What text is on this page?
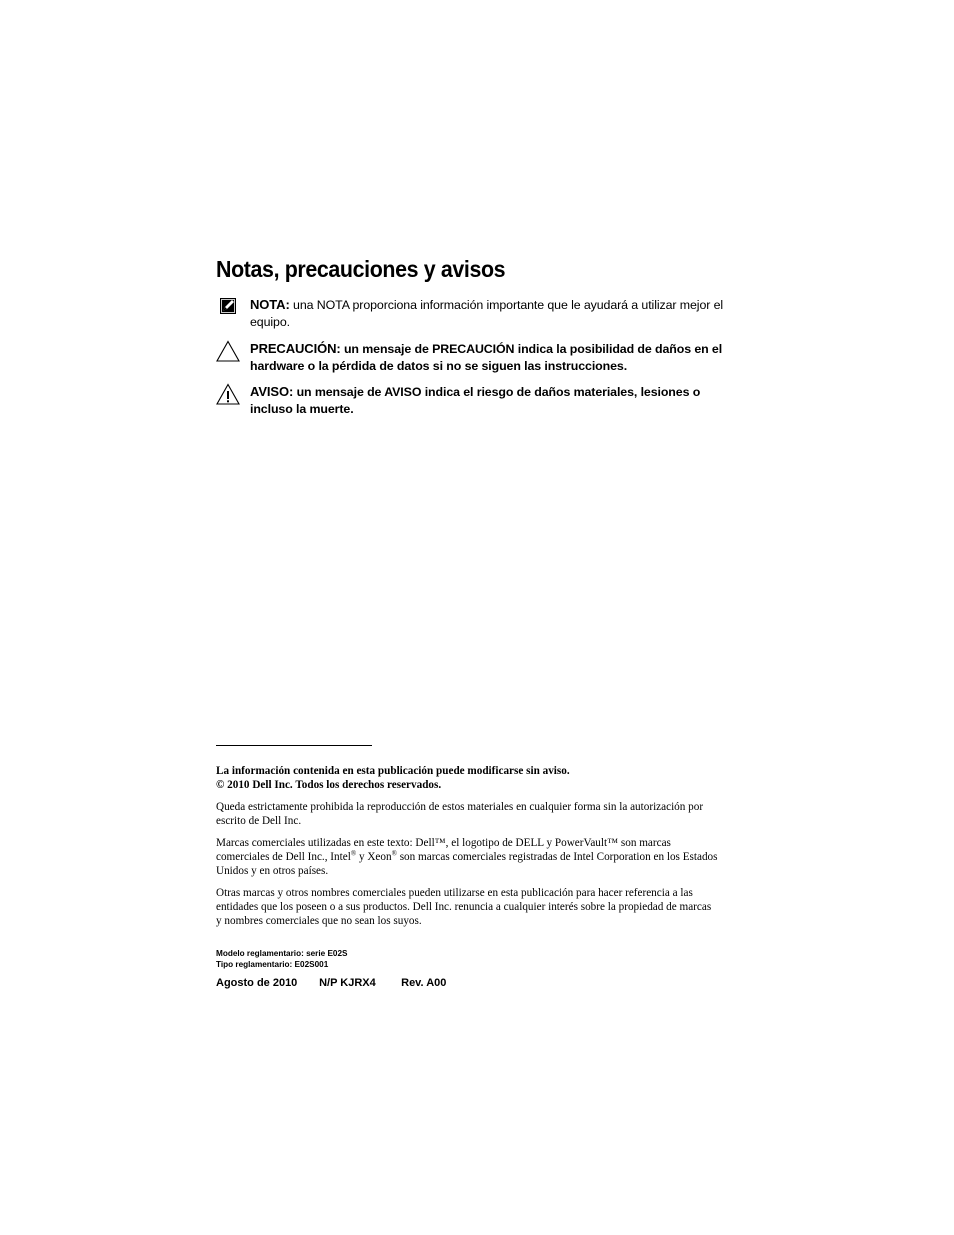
Notas, precauciones y avisos
NOTA: una NOTA proporciona información importante que le ayudará a utilizar mejor el equipo.
PRECAUCIÓN: un mensaje de PRECAUCIÓN indica la posibilidad de daños en el hardware o la pérdida de datos si no se siguen las instrucciones.
AVISO: un mensaje de AVISO indica el riesgo de daños materiales, lesiones o incluso la muerte.

La información contenida en esta publicación puede modificarse sin aviso.

© 2010 Dell Inc. Todos los derechos reservados.

Queda estrictamente prohibida la reproducción de estos materiales en cualquier forma sin la autorización por escrito de Dell Inc.

Marcas comerciales utilizadas en este texto: Dell™, el logotipo de DELL y PowerVault™ son marcas comerciales de Dell Inc., Intel® y Xeon® son marcas comerciales registradas de Intel Corporation en los Estados Unidos y en otros países.

Otras marcas y otros nombres comerciales pueden utilizarse en esta publicación para hacer referencia a las entidades que los poseen o a sus productos. Dell Inc. renuncia a cualquier interés sobre la propiedad de marcas y nombres comerciales que no sean los suyos.

Modelo reglamentario: serie E02S
Tipo reglamentario: E02S001
Agosto de 2010 N/P KJRX4 Rev. A00
